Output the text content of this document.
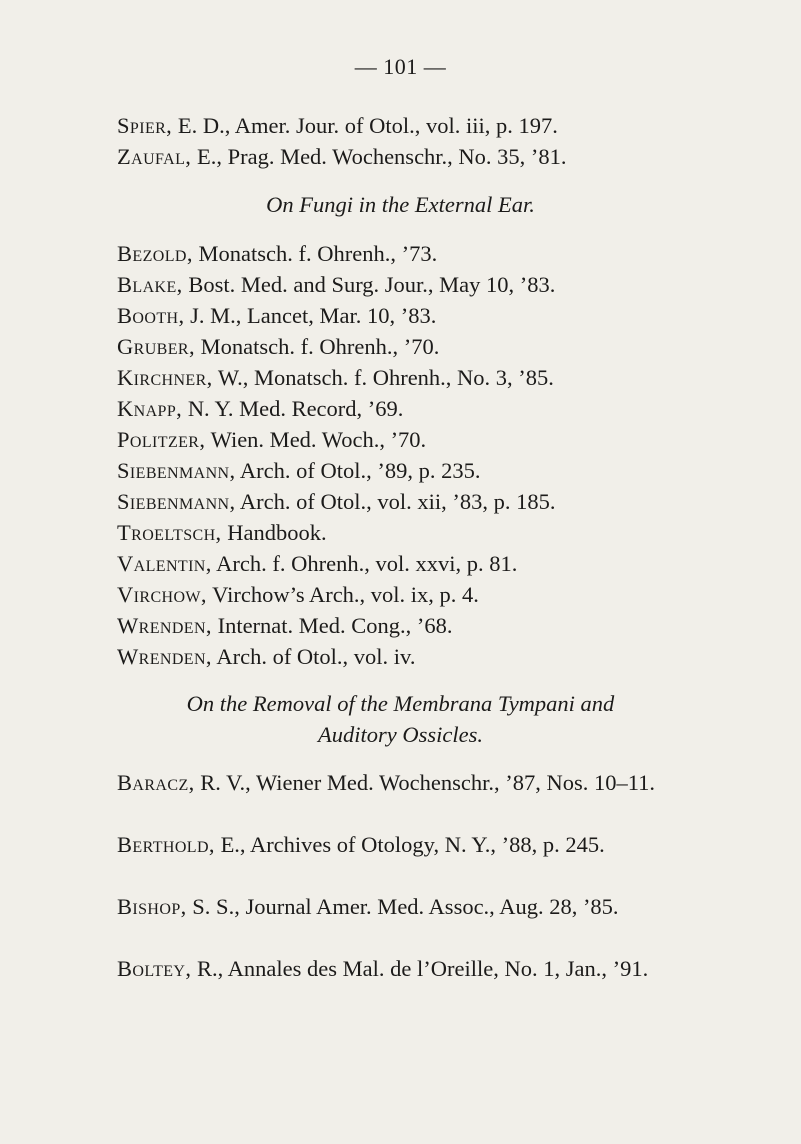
— 101 —
Spier, E. D., Amer. Jour. of Otol., vol. iii, p. 197.
Zaufal, E., Prag. Med. Wochenschr., No. 35, ’81.
On Fungi in the External Ear.
Bezold, Monatsch. f. Ohrenh., ’73.
Blake, Bost. Med. and Surg. Jour., May 10, ’83.
Booth, J. M., Lancet, Mar. 10, ’83.
Gruber, Monatsch. f. Ohrenh., ’70.
Kirchner, W., Monatsch. f. Ohrenh., No. 3, ’85.
Knapp, N. Y. Med. Record, ’69.
Politzer, Wien. Med. Woch., ’70.
Siebenmann, Arch. of Otol., ’89, p. 235.
Siebenmann, Arch. of Otol., vol. xii, ’83, p. 185.
Troeltsch, Handbook.
Valentin, Arch. f. Ohrenh., vol. xxvi, p. 81.
Virchow, Virchow’s Arch., vol. ix, p. 4.
Wrenden, Internat. Med. Cong., ’68.
Wrenden, Arch. of Otol., vol. iv.
On the Removal of the Membrana Tympani and
Auditory Ossicles.
Baracz, R. V., Wiener Med. Wochenschr., ’87, Nos. 10–11.
Berthold, E., Archives of Otology, N. Y., ’88, p. 245.
Bishop, S. S., Journal Amer. Med. Assoc., Aug. 28, ’85.
Boltey, R., Annales des Mal. de l’Oreille, No. 1, Jan., ’91.
